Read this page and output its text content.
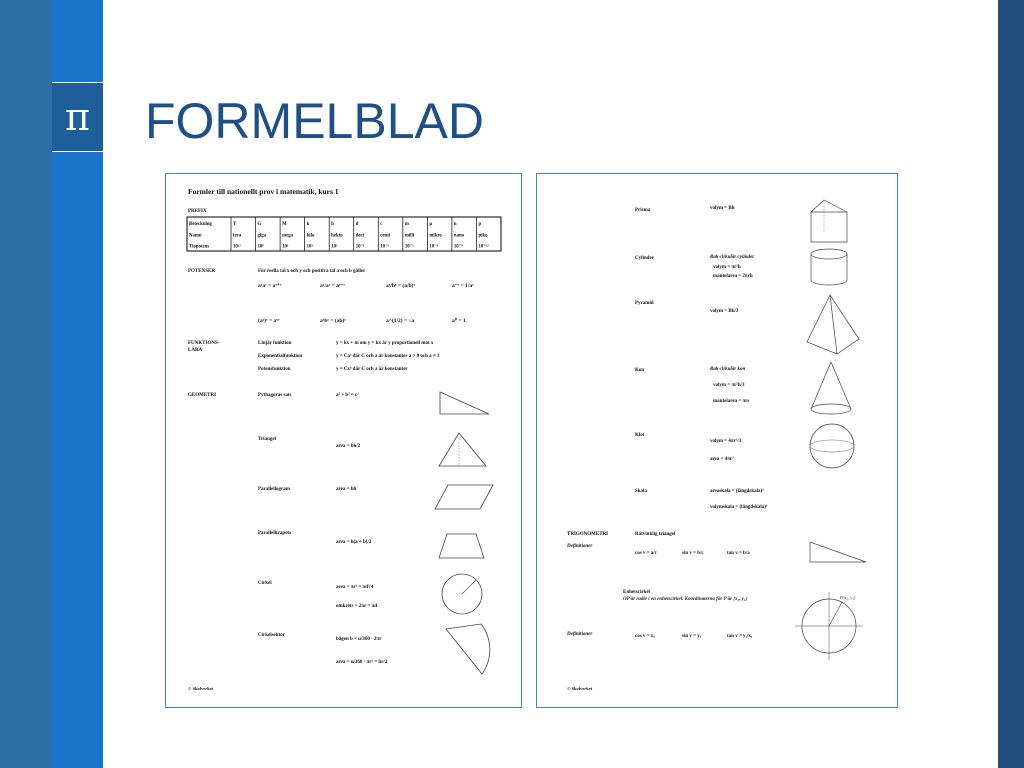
π FORMELBLAD
Formler till nationellt prov i matematik, kurs 1
PREFIX
Beteckning	T	G	M	k	h	d	c	m	µ	n	p
Namn	tera	giga	mega	kilo	hekto	deci	centi	milli	mikro	nano	piko
Tiopotens	10¹²	10⁹	10⁶	10³	10²	10⁻¹	10⁻²	10⁻³	10⁻⁶	10⁻⁹	10⁻¹²
POTENSER	För reella tal x och y och positiva tal a och b gäller
aˣaʸ = aˣ⁺ʸ	aˣ/aʸ = aˣ⁻ʸ	aˣ/bˣ = (a/b)ˣ	a⁻ˣ = 1/aˣ
(aˣ)ʸ = aˣʸ	aˣbˣ = (ab)ˣ	a^(1/2) = √a	a⁰ = 1
FUNKTIONS-
LÄRA
Linjär funktion	y = kx + m om y = kx är y proportionell mot x
Exponentialfunktion	y = Caˣ där C och a är konstanter a > 0 och a ≠ 1
Potensfunktion	y = Cxᵃ där C och a är konstanter
GEOMETRI	Pythagoras sats	a² + b² = c²
Triangel
area = bh/2
Parallellogram	area = bh
Parallelltrapets
area = h(a + b)/2
Cirkel
area = πr² = πd²/4
omkrets = 2πr = πd
Cirkelsektor
bågen b = α/360 · 2πr
area = α/360 · πr² = br/2
© Skolverket
Prisma	volym = Bh
Cylinder	Rak cirkulär cylinder
volym = πr²h
mantelarea = 2πrh
Pyramid
volym = Bh/3
Kon	Rak cirkulär kon
volym = πr²h/3
mantelarea = πrs
Klot
volym = 4πr³/3
area = 4πr²
Skala	areaskala = (längdskala)²
volymskala = (längdskala)³
TRIGONOMETRI	Rätvinklig triangel
Definitioner
cos v = a/c	sin v = b/c	tan v = b/a
Enhetscirkel
OP är radie i en enhetscirkel. Koordinaterna för P är (x₁, y₁)
Definitioner	cos v = x₁	sin v = y₁	tan v = y₁/x₁
P(x₁, y₁)
© Skolverket
